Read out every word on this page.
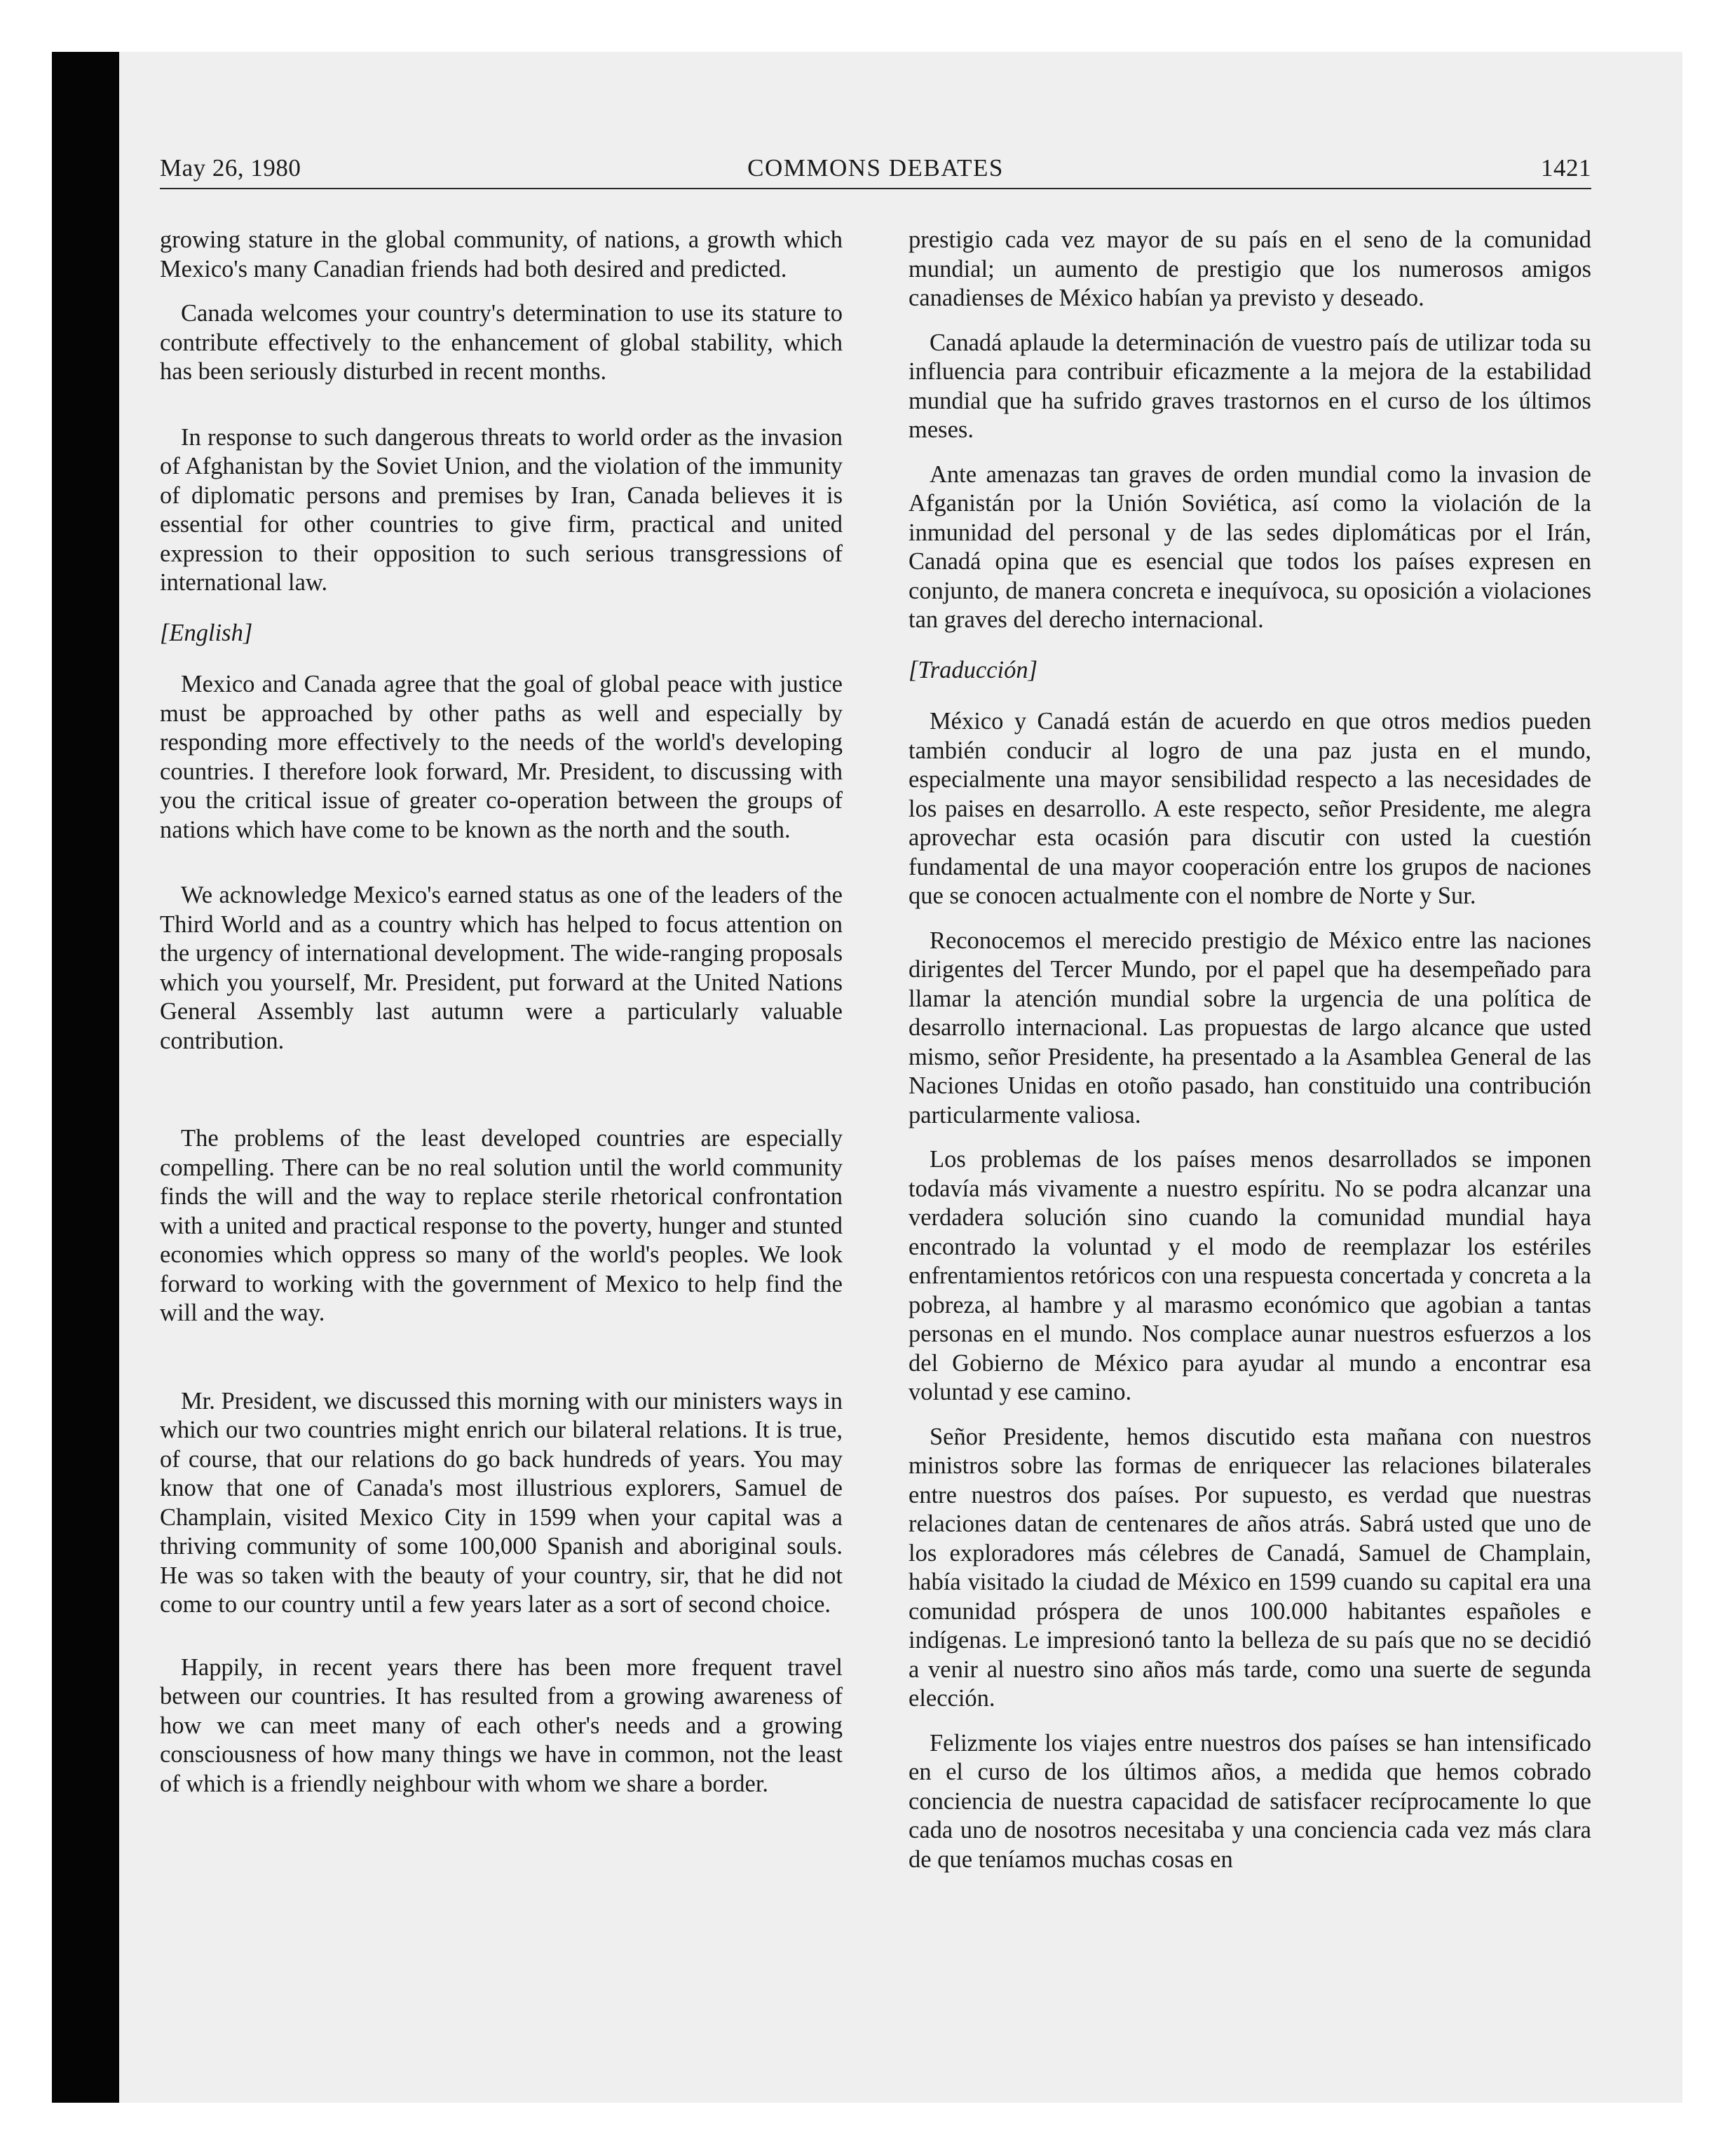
May 26, 1980	COMMONS DEBATES	1421

growing stature in the global community, of nations, a growth which Mexico's many Canadian friends had both desired and predicted.

Canada welcomes your country's determination to use its stature to contribute effectively to the enhancement of global stability, which has been seriously disturbed in recent months.

In response to such dangerous threats to world order as the invasion of Afghanistan by the Soviet Union, and the violation of the immunity of diplomatic persons and premises by Iran, Canada believes it is essential for other countries to give firm, practical and united expression to their opposition to such serious transgressions of international law.

[English]

Mexico and Canada agree that the goal of global peace with justice must be approached by other paths as well and especially by responding more effectively to the needs of the world's developing countries. I therefore look forward, Mr. President, to discussing with you the critical issue of greater co-operation between the groups of nations which have come to be known as the north and the south.

We acknowledge Mexico's earned status as one of the leaders of the Third World and as a country which has helped to focus attention on the urgency of international development. The wide-ranging proposals which you yourself, Mr. President, put forward at the United Nations General Assembly last autumn were a particularly valuable contribution.

The problems of the least developed countries are especially compelling. There can be no real solution until the world community finds the will and the way to replace sterile rhetorical confrontation with a united and practical response to the poverty, hunger and stunted economies which oppress so many of the world's peoples. We look forward to working with the government of Mexico to help find the will and the way.

Mr. President, we discussed this morning with our ministers ways in which our two countries might enrich our bilateral relations. It is true, of course, that our relations do go back hundreds of years. You may know that one of Canada's most illustrious explorers, Samuel de Champlain, visited Mexico City in 1599 when your capital was a thriving community of some 100,000 Spanish and aboriginal souls. He was so taken with the beauty of your country, sir, that he did not come to our country until a few years later as a sort of second choice.

Happily, in recent years there has been more frequent travel between our countries. It has resulted from a growing awareness of how we can meet many of each other's needs and a growing consciousness of how many things we have in common, not the least of which is a friendly neighbour with whom we share a border.

prestigio cada vez mayor de su país en el seno de la comunidad mundial; un aumento de prestigio que los numerosos amigos canadienses de México habían ya previsto y deseado.

Canadá aplaude la determinación de vuestro país de utilizar toda su influencia para contribuir eficazmente a la mejora de la estabilidad mundial que ha sufrido graves trastornos en el curso de los últimos meses.

Ante amenazas tan graves de orden mundial como la invasion de Afganistán por la Unión Soviética, así como la violación de la inmunidad del personal y de las sedes diplomáticas por el Irán, Canadá opina que es esencial que todos los países expresen en conjunto, de manera concreta e inequívoca, su oposición a violaciones tan graves del derecho internacional.

[Traducción]

México y Canadá están de acuerdo en que otros medios pueden también conducir al logro de una paz justa en el mundo, especialmente una mayor sensibilidad respecto a las necesidades de los paises en desarrollo. A este respecto, señor Presidente, me alegra aprovechar esta ocasión para discutir con usted la cuestión fundamental de una mayor cooperación entre los grupos de naciones que se conocen actualmente con el nombre de Norte y Sur.

Reconocemos el merecido prestigio de México entre las naciones dirigentes del Tercer Mundo, por el papel que ha desempeñado para llamar la atención mundial sobre la urgencia de una política de desarrollo internacional. Las propuestas de largo alcance que usted mismo, señor Presidente, ha presentado a la Asamblea General de las Naciones Unidas en otoño pasado, han constituido una contribución particularmente valiosa.

Los problemas de los países menos desarrollados se imponen todavía más vivamente a nuestro espíritu. No se podra alcanzar una verdadera solución sino cuando la comunidad mundial haya encontrado la voluntad y el modo de reemplazar los estériles enfrentamientos retóricos con una respuesta concertada y concreta a la pobreza, al hambre y al marasmo económico que agobian a tantas personas en el mundo. Nos complace aunar nuestros esfuerzos a los del Gobierno de México para ayudar al mundo a encontrar esa voluntad y ese camino.

Señor Presidente, hemos discutido esta mañana con nuestros ministros sobre las formas de enriquecer las relaciones bilaterales entre nuestros dos países. Por supuesto, es verdad que nuestras relaciones datan de centenares de años atrás. Sabrá usted que uno de los exploradores más célebres de Canadá, Samuel de Champlain, había visitado la ciudad de México en 1599 cuando su capital era una comunidad próspera de unos 100.000 habitantes españoles e indígenas. Le impresionó tanto la belleza de su país que no se decidió a venir al nuestro sino años más tarde, como una suerte de segunda elección.

Felizmente los viajes entre nuestros dos países se han intensificado en el curso de los últimos años, a medida que hemos cobrado conciencia de nuestra capacidad de satisfacer recíprocamente lo que cada uno de nosotros necesitaba y una conciencia cada vez más clara de que teníamos muchas cosas en
